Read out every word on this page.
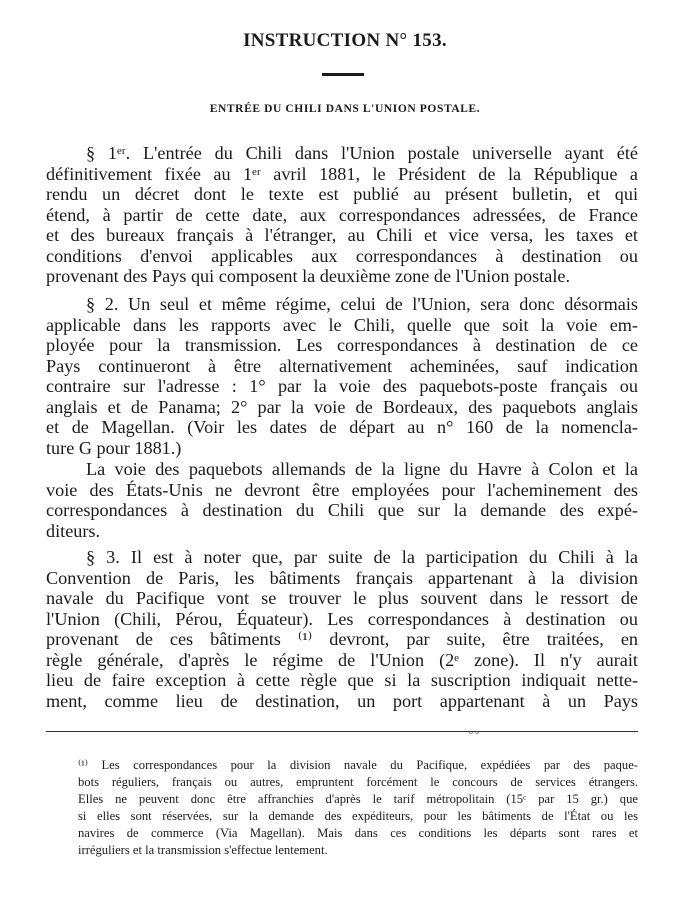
INSTRUCTION N° 153.
ENTRÉE DU CHILI DANS L'UNION POSTALE.
§ 1ᵉʳ. L'entrée du Chili dans l'Union postale universelle ayant été
définitivement fixée au 1ᵉʳ avril 1881, le Président de la République a
rendu un décret dont le texte est publié au présent bulletin, et qui
étend, à partir de cette date, aux correspondances adressées, de France
et des bureaux français à l'étranger, au Chili et vice versa, les taxes et
conditions d'envoi applicables aux correspondances à destination ou
provenant des Pays qui composent la deuxième zone de l'Union postale.
§ 2. Un seul et même régime, celui de l'Union, sera donc désormais
applicable dans les rapports avec le Chili, quelle que soit la voie em-
ployée pour la transmission. Les correspondances à destination de ce
Pays continueront à être alternativement acheminées, sauf indication
contraire sur l'adresse : 1° par la voie des paquebots-poste français ou
anglais et de Panama; 2° par la voie de Bordeaux, des paquebots anglais
et de Magellan. (Voir les dates de départ au n° 160 de la nomencla-
ture G pour 1881.)
La voie des paquebots allemands de la ligne du Havre à Colon et la
voie des États-Unis ne devront être employées pour l'acheminement des
correspondances à destination du Chili que sur la demande des expé-
diteurs.
§ 3. Il est à noter que, par suite de la participation du Chili à la
Convention de Paris, les bâtiments français appartenant à la division
navale du Pacifique vont se trouver le plus souvent dans le ressort de
l'Union (Chili, Pérou, Équateur). Les correspondances à destination ou
provenant de ces bâtiments ⁽¹⁾ devront, par suite, être traitées, en
règle générale, d'après le régime de l'Union (2ᵉ zone). Il n'y aurait
lieu de faire exception à cette règle que si la suscription indiquait nette-
ment, comme lieu de destination, un port appartenant à un Pays
〰
⁽¹⁾ Les correspondances pour la division navale du Pacifique, expédiées par des paque-
bots réguliers, français ou autres, empruntent forcément le concours de services étrangers.
Elles ne peuvent donc être affranchies d'après le tarif métropolitain (15ᶜ par 15 gr.) que
si elles sont réservées, sur la demande des expéditeurs, pour les bâtiments de l'État ou les
navires de commerce (Via Magellan). Mais dans ces conditions les départs sont rares et
irréguliers et la transmission s'effectue lentement.
